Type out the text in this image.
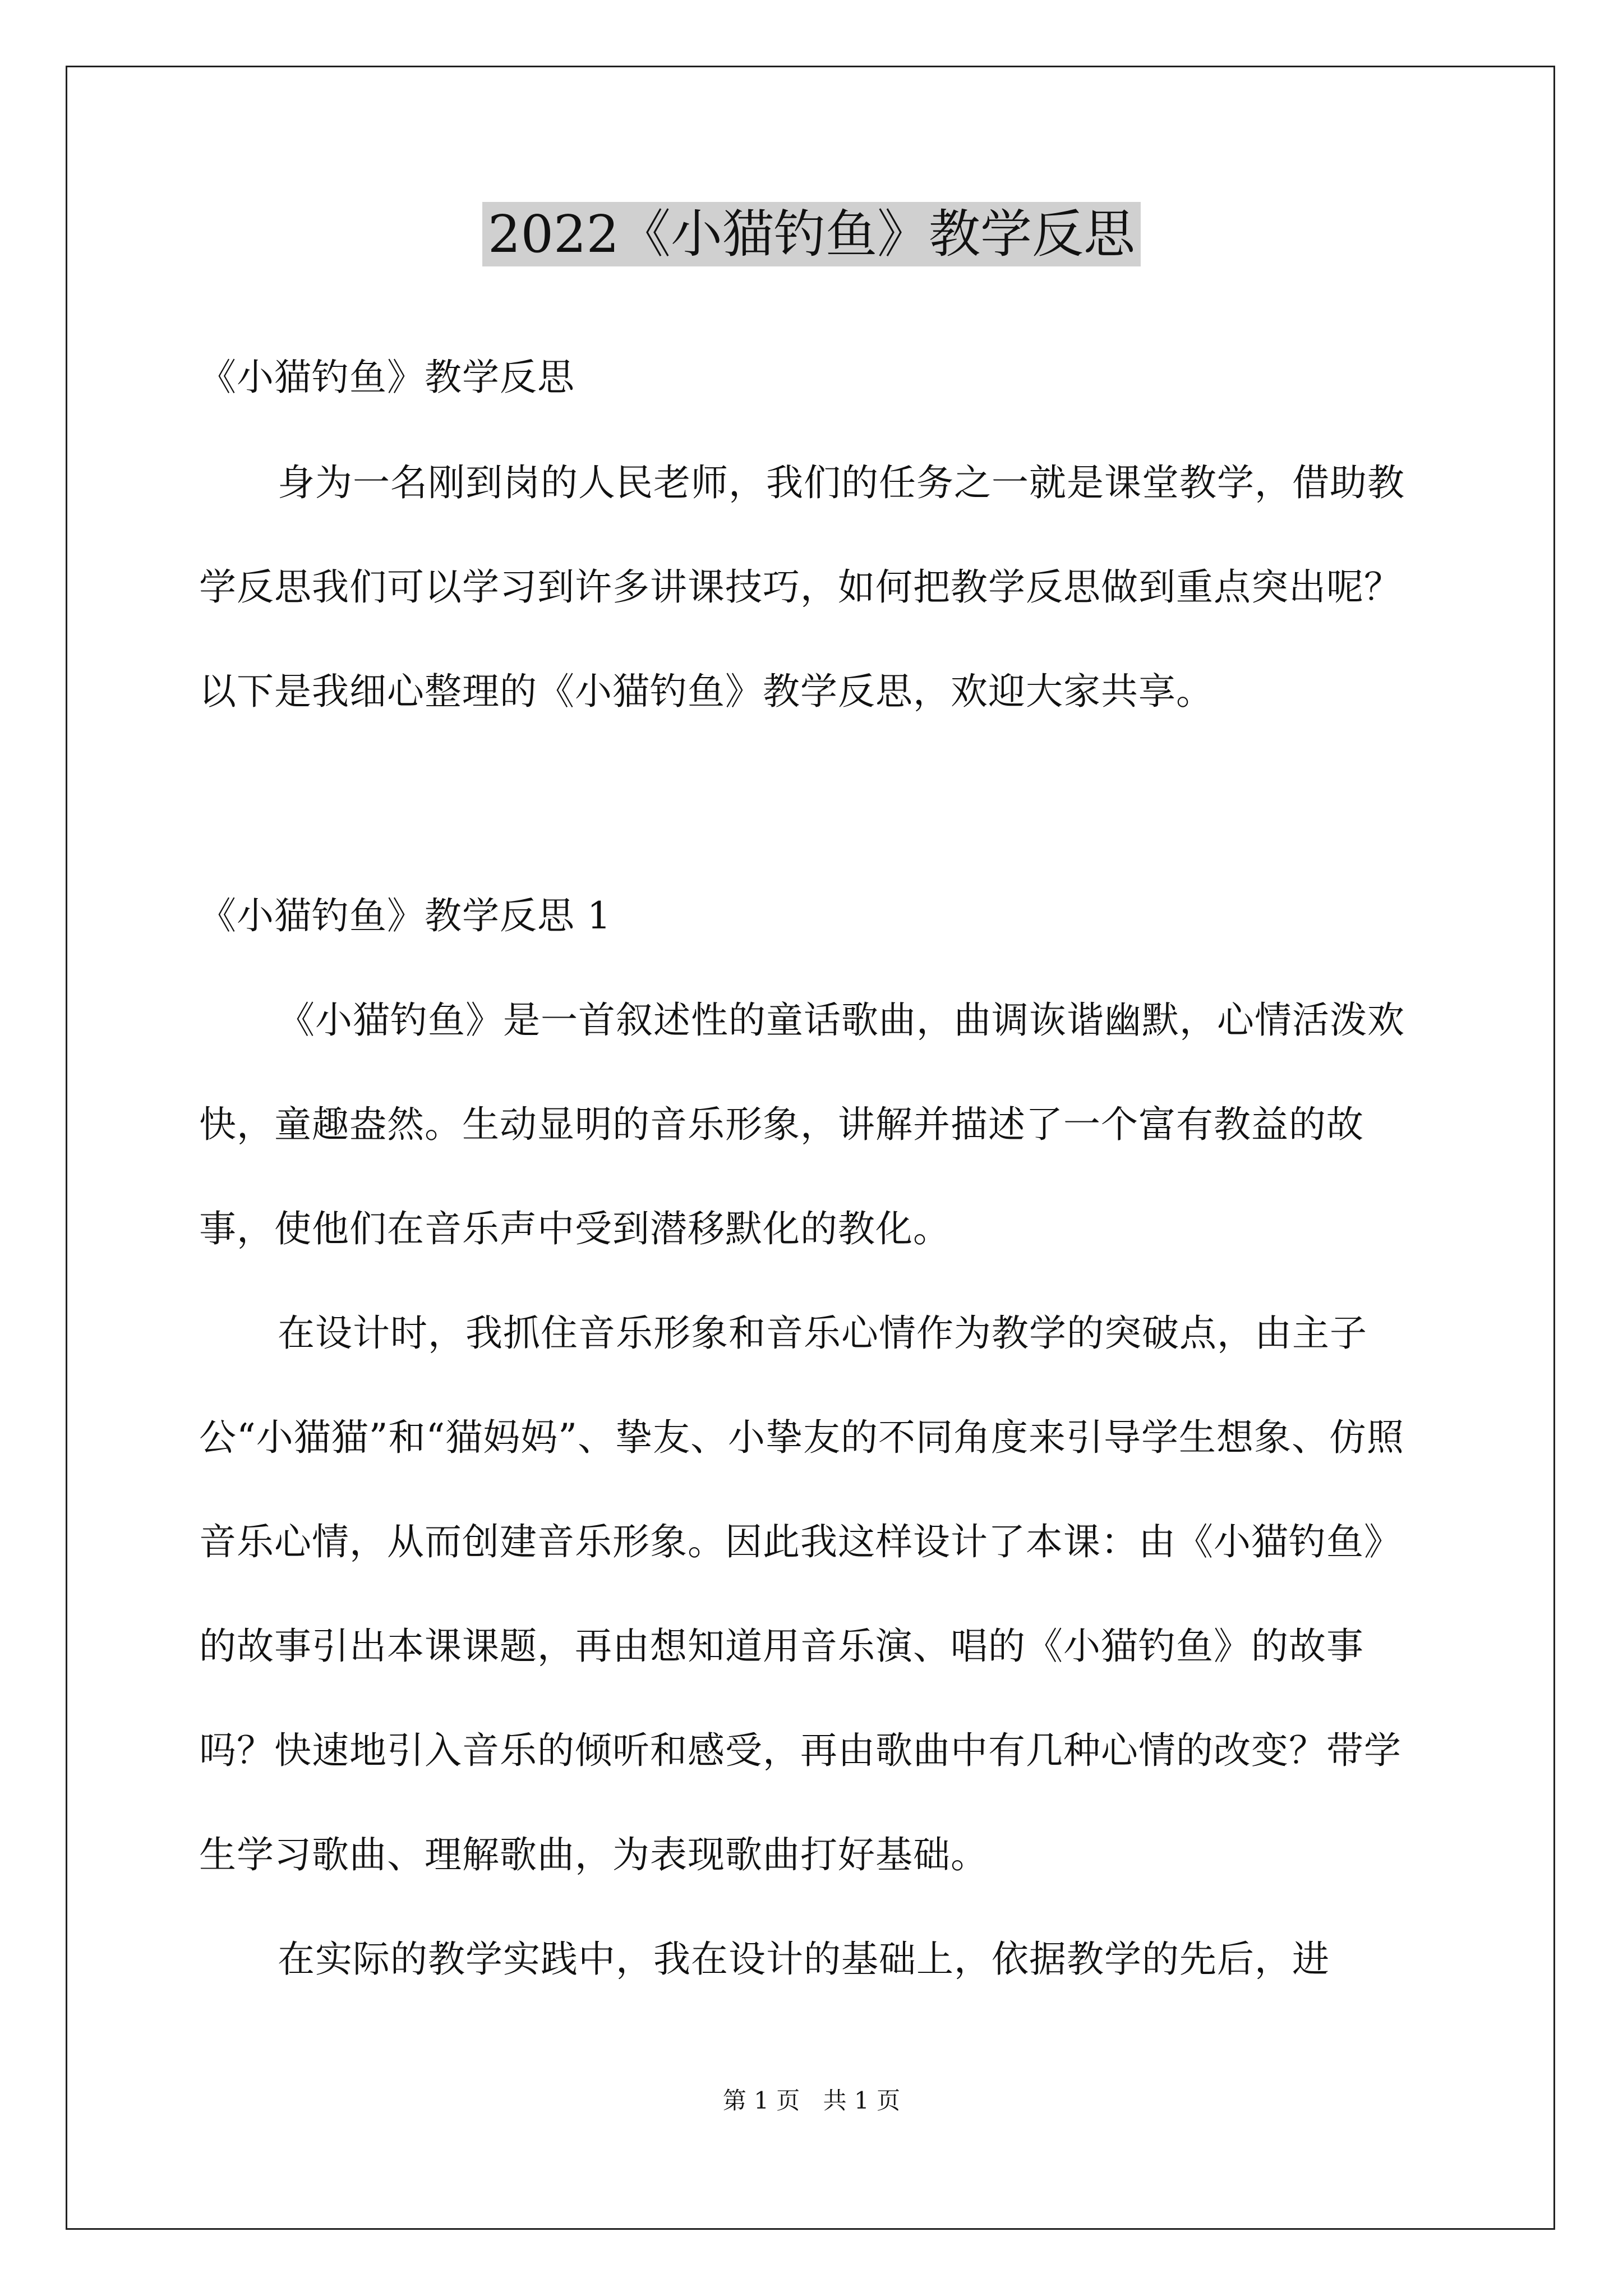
2022《小猫钓鱼》教学反思

《小猫钓鱼》教学反思

身为一名刚到岗的人民老师，我们的任务之一就是课堂教学，借助教学反思我们可以学习到许多讲课技巧，如何把教学反思做到重点突出呢？以下是我细心整理的《小猫钓鱼》教学反思，欢迎大家共享。

《小猫钓鱼》教学反思 1

《小猫钓鱼》是一首叙述性的童话歌曲，曲调诙谐幽默，心情活泼欢快，童趣盎然。生动显明的音乐形象，讲解并描述了一个富有教益的故事，使他们在音乐声中受到潜移默化的教化。

在设计时，我抓住音乐形象和音乐心情作为教学的突破点，由主子公“小猫猫”和“猫妈妈”、挚友、小挚友的不同角度来引导学生想象、仿照音乐心情，从而创建音乐形象。因此我这样设计了本课：由《小猫钓鱼》的故事引出本课课题，再由想知道用音乐演、唱的《小猫钓鱼》的故事吗？快速地引入音乐的倾听和感受，再由歌曲中有几种心情的改变？带学生学习歌曲、理解歌曲，为表现歌曲打好基础。

在实际的教学实践中，我在设计的基础上，依据教学的先后，进

第 1 页 共 1 页
